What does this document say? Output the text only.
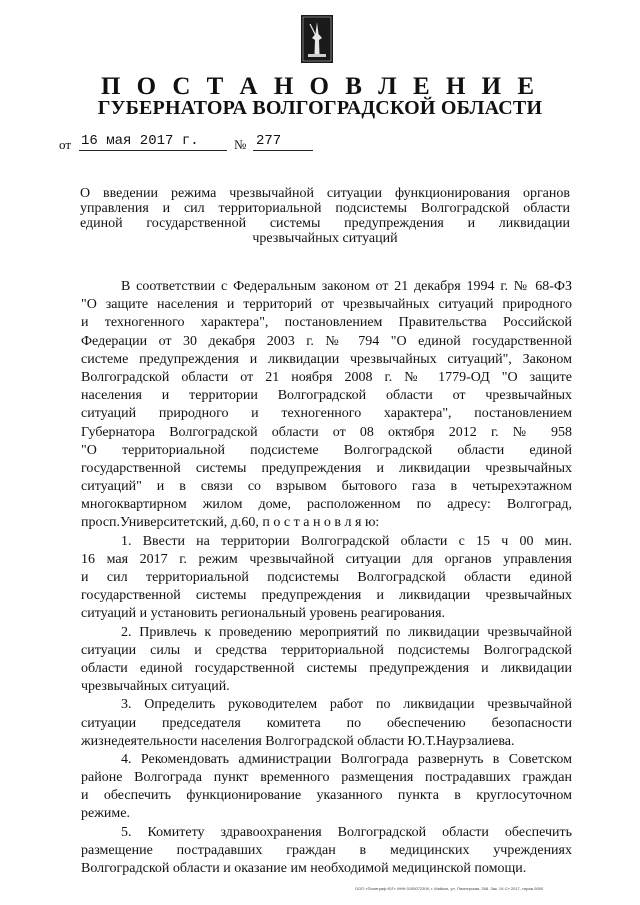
П О С Т А Н О В Л Е Н И Е
ГУБЕРНАТОРА ВОЛГОГРАДСКОЙ ОБЛАСТИ
от 16 мая 2017 г.	№ 277
О введении режима чрезвычайной ситуации функционирования органов
управления и сил территориальной подсистемы Волгоградской области
единой государственной системы предупреждения и ликвидации
чрезвычайных ситуаций
В соответствии с Федеральным законом от 21 декабря 1994 г. № 68-ФЗ
"О защите населения и территорий от чрезвычайных ситуаций природного
и техногенного характера", постановлением Правительства Российской
Федерации от 30 декабря 2003 г. № 794 "О единой государственной
системе предупреждения и ликвидации чрезвычайных ситуаций", Законом
Волгоградской области от 21 ноября 2008 г. № 1779-ОД "О защите
населения и территории Волгоградской области от чрезвычайных
ситуаций природного и техногенного характера", постановлением
Губернатора Волгоградской области от 08 октября 2012 г. № 958
"О территориальной подсистеме Волгоградской области единой
государственной системы предупреждения и ликвидации чрезвычайных
ситуаций" и в связи со взрывом бытового газа в четырехэтажном
многоквартирном жилом доме, расположенном по адресу: Волгоград,
просп.Университетский, д.60, п о с т а н о в л я ю:
1. Ввести на территории Волгоградской области с 15 ч 00 мин.
16 мая 2017 г. режим чрезвычайной ситуации для органов управления
и сил территориальной подсистемы Волгоградской области единой
государственной системы предупреждения и ликвидации чрезвычайных
ситуаций и установить региональный уровень реагирования.
2. Привлечь к проведению мероприятий по ликвидации чрезвычайной
ситуации силы и средства территориальной подсистемы Волгоградской
области единой государственной системы предупреждения и ликвидации
чрезвычайных ситуаций.
3. Определить руководителем работ по ликвидации чрезвычайной
ситуации председателя комитета по обеспечению безопасности
жизнедеятельности населения Волгоградской области Ю.Т.Наурзалиева.
4. Рекомендовать администрации Волгограда развернуть в Советском
районе Волгограда пункт временного размещения пострадавших граждан
и обеспечить функционирование указанного пункта в круглосуточном
режиме.
5. Комитету здравоохранения Волгоградской области обеспечить
размещение пострадавших граждан в медицинских учреждениях
Волгоградской области и оказание им необходимой медицинской помощи.
ООО «Полиграф ЮГ» ИНН 0105072309, г. Майкоп, ул. Пионерская, 268. Зак. 19-С» 2017, тираж 5000
